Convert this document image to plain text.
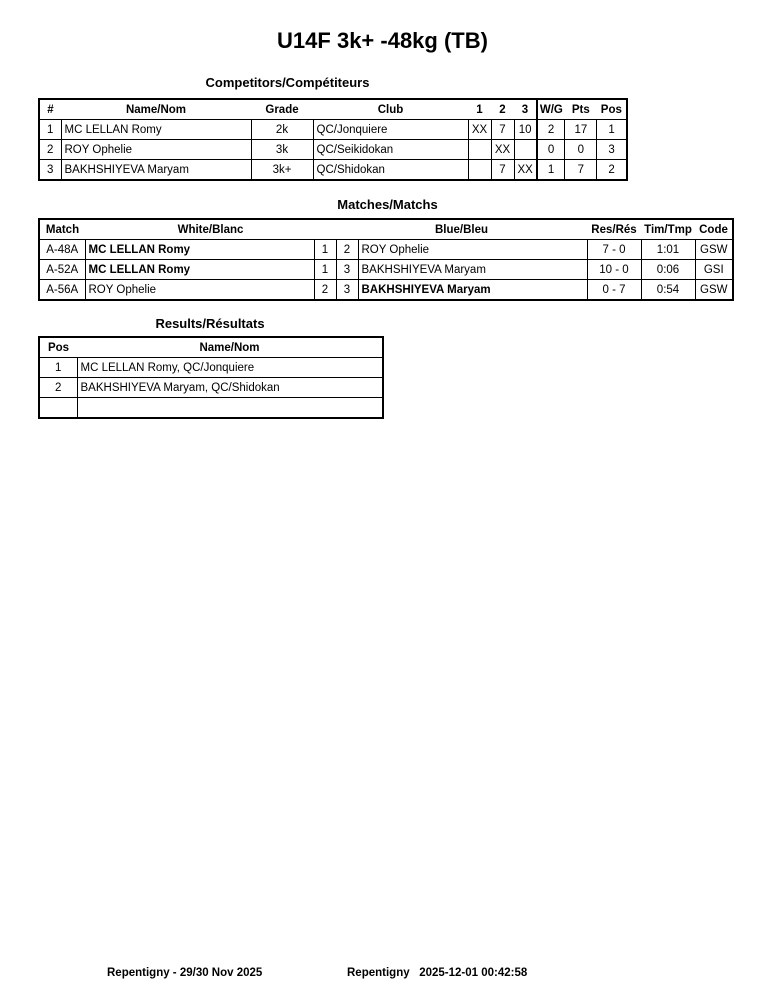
U14F 3k+ -48kg (TB)
Competitors/Compétiteurs
#	Name/Nom	Grade	Club	1	2	3	W/G	Pts	Pos
1	MC LELLAN Romy	2k	QC/Jonquiere	XX	7	10	2	17	1
2	ROY Ophelie	3k	QC/Seikidokan		XX		0	0	3
3	BAKHSHIYEVA Maryam	3k+	QC/Shidokan		7	XX	1	7	2
Matches/Matchs
Match	White/Blanc		Blue/Bleu		Res/Rés	Tim/Tmp	Code
A-48A	MC LELLAN Romy	1	2	ROY Ophelie	7 - 0	1:01	GSW
A-52A	MC LELLAN Romy	1	3	BAKHSHIYEVA Maryam	10 - 0	0:06	GSI
A-56A	ROY Ophelie	2	3	BAKHSHIYEVA Maryam	0 - 7	0:54	GSW
Results/Résultats
Pos	Name/Nom
1	MC LELLAN Romy, QC/Jonquiere
2	BAKHSHIYEVA Maryam, QC/Shidokan

Repentigny - 29/30 Nov 2025	Repentigny   2025-12-01 00:42:58
